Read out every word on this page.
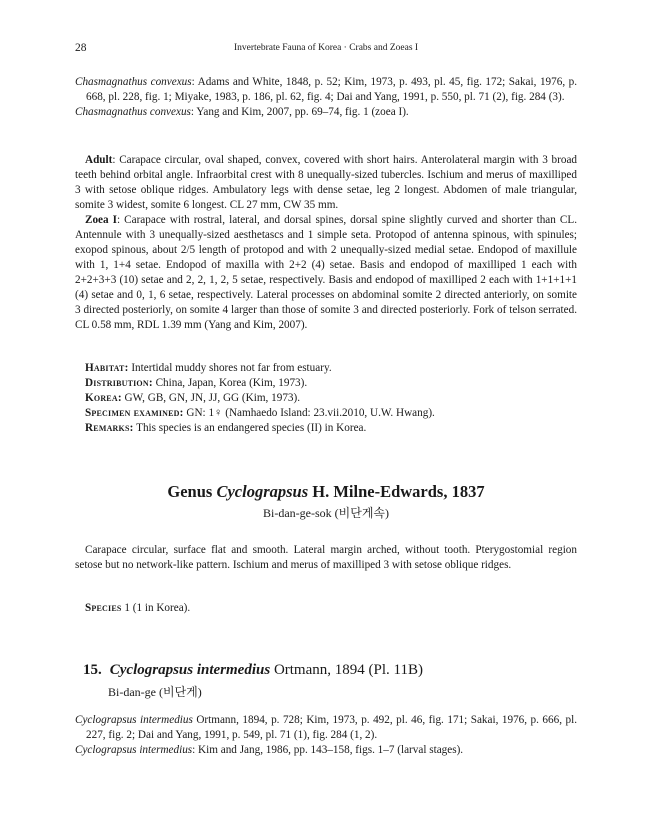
28	Invertebrate Fauna of Korea · Crabs and Zoeas I

Chasmagnathus convexus: Adams and White, 1848, p. 52; Kim, 1973, p. 493, pl. 45, fig. 172; Sakai, 1976, p. 668, pl. 228, fig. 1; Miyake, 1983, p. 186, pl. 62, fig. 4; Dai and Yang, 1991, p. 550, pl. 71 (2), fig. 284 (3).

Chasmagnathus convexus: Yang and Kim, 2007, pp. 69–74, fig. 1 (zoea I).

Adult: Carapace circular, oval shaped, convex, covered with short hairs. Anterolateral margin with 3 broad teeth behind orbital angle. Infraorbital crest with 8 unequally-sized tubercles. Ischium and merus of maxilliped 3 with setose oblique ridges. Ambulatory legs with dense setae, leg 2 longest. Abdomen of male triangular, somite 3 widest, somite 6 longest. CL 27 mm, CW 35 mm.

Zoea I: Carapace with rostral, lateral, and dorsal spines, dorsal spine slightly curved and shorter than CL. Antennule with 3 unequally-sized aesthetascs and 1 simple seta. Protopod of antenna spinous, with spinules; exopod spinous, about 2/5 length of protopod and with 2 unequally-sized medial setae. Endopod of maxillule with 1, 1+4 setae. Endopod of maxilla with 2+2 (4) setae. Basis and endopod of maxilliped 1 each with 2+2+3+3 (10) setae and 2, 2, 1, 2, 5 setae, respectively. Basis and endopod of maxilliped 2 each with 1+1+1+1 (4) setae and 0, 1, 6 setae, respectively. Lateral processes on abdominal somite 2 directed anteriorly, on somite 3 directed posteriorly, on somite 4 larger than those of somite 3 and directed posteriorly. Fork of telson serrated. CL 0.58 mm, RDL 1.39 mm (Yang and Kim, 2007).

Habitat: Intertidal muddy shores not far from estuary.

Distribution: China, Japan, Korea (Kim, 1973).

Korea: GW, GB, GN, JN, JJ, GG (Kim, 1973).

Specimen examined: GN: 1♀ (Namhaedo Island: 23.vii.2010, U.W. Hwang).

Remarks: This species is an endangered species (II) in Korea.

Genus Cyclograpsus H. Milne-Edwards, 1837
Bi-dan-ge-sok (비단게속)

Carapace circular, surface flat and smooth. Lateral margin arched, without tooth. Pterygostomial region setose but no network-like pattern. Ischium and merus of maxilliped 3 with setose oblique ridges.

Species 1 (1 in Korea).

15. Cyclograpsus intermedius Ortmann, 1894 (Pl. 11B)
Bi-dan-ge (비단게)

Cyclograpsus intermedius Ortmann, 1894, p. 728; Kim, 1973, p. 492, pl. 46, fig. 171; Sakai, 1976, p. 666, pl. 227, fig. 2; Dai and Yang, 1991, p. 549, pl. 71 (1), fig. 284 (1, 2).

Cyclograpsus intermedius: Kim and Jang, 1986, pp. 143–158, figs. 1–7 (larval stages).
